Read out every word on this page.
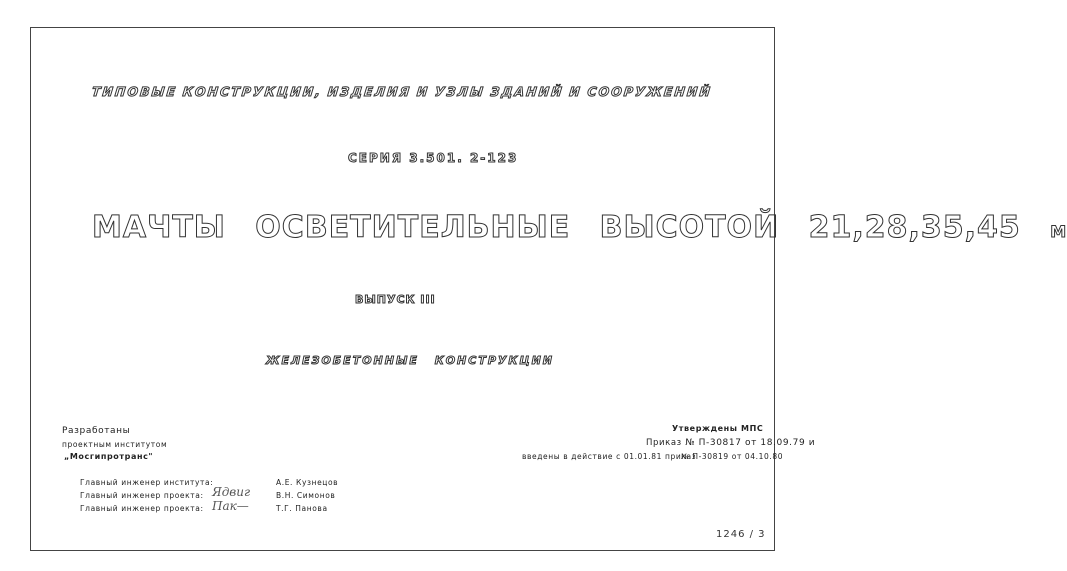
ТИПОВЫЕ КОНСТРУКЦИИ, ИЗДЕЛИЯ И УЗЛЫ ЗДАНИЙ И СООРУЖЕНИЙ
СЕРИЯ 3.501. 2-123
МАЧТЫ ОСВЕТИТЕЛЬНЫЕ ВЫСОТОЙ 21,28,35,45 М
ВЫПУСК III
ЖЕЛЕЗОБЕТОННЫЕ КОНСТРУКЦИИ
Разработаны
проектным институтом
„Мосгипротранс"
Главный инженер института:	А.Е. Кузнецов
Главный инженер проекта: Ядвиг	В.Н. Симонов
Главный инженер проекта: Пак—	Т.Г. Панова
Утверждены МПС
Приказ № П-30817 от 18.09.79 и
введены в действие с 01.01.81 приказ
№ П-30819 от 04.10.80
1246 / 3
